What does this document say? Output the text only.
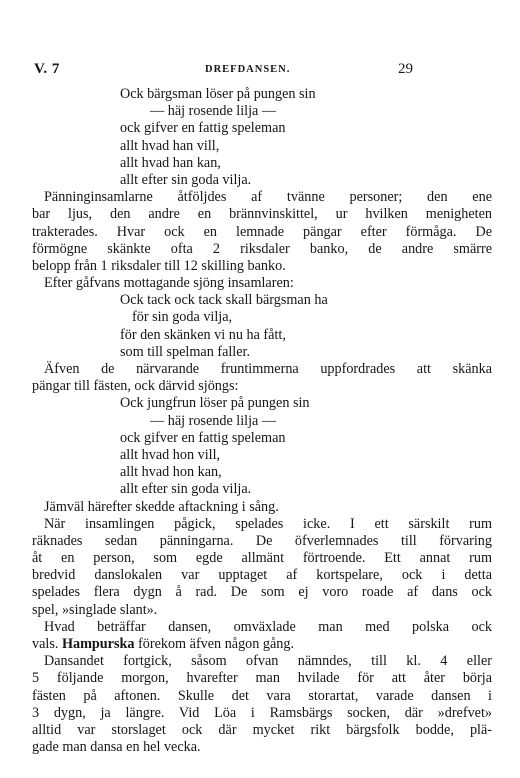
V. 7	DREFDANSEN.	29
Ock bärgsman löser på pungen sin
— häj rosende lilja —
ock gifver en fattig speleman
allt hvad han vill,
allt hvad han kan,
allt efter sin goda vilja.
Pänninginsamlarne åtföljdes af tvänne personer; den ene
bar ljus, den andre en brännvinskittel, ur hvilken menigheten
trakterades. Hvar ock en lemnade pängar efter förmåga. De
förmögne skänkte ofta 2 riksdaler banko, de andre smärre
belopp från 1 riksdaler till 12 skilling banko.
Efter gåfvans mottagande sjöng insamlaren:
Ock tack ock tack skall bärgsman ha
för sin goda vilja,
för den skänken vi nu ha fått,
som till spelman faller.
Äfven de närvarande fruntimmerna uppfordrades att skänka
pängar till fästen, ock därvid sjöngs:
Ock jungfrun löser på pungen sin
— häj rosende lilja —
ock gifver en fattig speleman
allt hvad hon vill,
allt hvad hon kan,
allt efter sin goda vilja.
Jämväl härefter skedde aftackning i sång.
När insamlingen pågick, spelades icke. I ett särskilt rum
räknades sedan pänningarna. De öfverlemnades till förvaring
åt en person, som egde allmänt förtroende. Ett annat rum
bredvid danslokalen var upptaget af kortspelare, ock i detta
spelades flera dygn å rad. De som ej voro roade af dans ock
spel, »singlade slant».
Hvad beträffar dansen, omväxlade man med polska ock
vals. Hampurska förekom äfven någon gång.
Dansandet fortgick, såsom ofvan nämndes, till kl. 4 eller
5 följande morgon, hvarefter man hvilade för att åter börja
fästen på aftonen. Skulle det vara storartat, varade dansen i
3 dygn, ja längre. Vid Löa i Ramsbärgs socken, där »drefvet»
alltid var storslaget ock där mycket rikt bärgsfolk bodde, plä-
gade man dansa en hel vecka.
